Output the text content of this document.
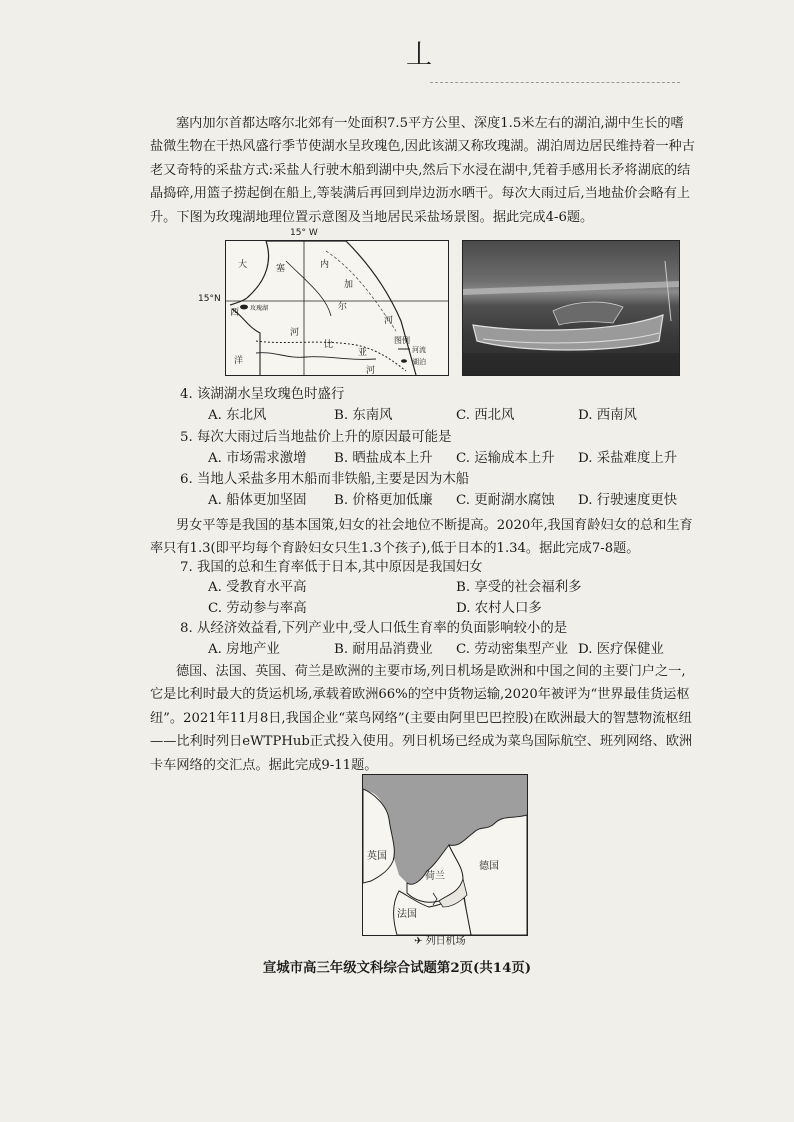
丄
塞内加尔首都达喀尔北郊有一处面积7.5平方公里、深度1.5米左右的湖泊,湖中生长的嗜盐微生物在干热风盛行季节使湖水呈玫瑰色,因此该湖又称玫瑰湖。湖泊周边居民维持着一种古老又奇特的采盐方式:采盐人行驶木船到湖中央,然后下水浸在湖中,凭着手感用长矛将湖底的结晶捣碎,用篮子捞起倒在船上,等装满后再回到岸边沥水晒干。每次大雨过后,当地盐价会略有上升。下图为玫瑰湖地理位置示意图及当地居民采盐场景图。据此完成4-6题。
大
西
洋
塞	内
加
尔
河
河
比
亚
河
玫瑰湖
图例
河流
湖泊
15° W
15°N
4. 该湖湖水呈玫瑰色时盛行
A. 东北风	B. 东南风	C. 西北风	D. 西南风
5. 每次大雨过后当地盐价上升的原因最可能是
A. 市场需求激增 B. 晒盐成本上升 C. 运输成本上升 D. 采盐难度上升
6. 当地人采盐多用木船而非铁船,主要是因为木船
A. 船体更加坚固 B. 价格更加低廉 C. 更耐湖水腐蚀 D. 行驶速度更快
男女平等是我国的基本国策,妇女的社会地位不断提高。2020年,我国育龄妇女的总和生育率只有1.3(即平均每个育龄妇女只生1.3个孩子),低于日本的1.34。据此完成7-8题。
7. 我国的总和生育率低于日本,其中原因是我国妇女
A. 受教育水平高	B. 享受的社会福利多
C. 劳动参与率高	D. 农村人口多
8. 从经济效益看,下列产业中,受人口低生育率的负面影响较小的是
A. 房地产业	B. 耐用品消费业 C. 劳动密集型产业 D. 医疗保健业
德国、法国、英国、荷兰是欧洲的主要市场,列日机场是欧洲和中国之间的主要门户之一,它是比利时最大的货运机场,承载着欧洲66%的空中货物运输,2020年被评为“世界最佳货运枢纽”。2021年11月8日,我国企业“菜鸟网络”(主要由阿里巴巴控股)在欧洲最大的智慧物流枢纽——比利时列日eWTPHub正式投入使用。列日机场已经成为菜鸟国际航空、班列网络、欧洲卡车网络的交汇点。据此完成9-11题。
英国
荷兰
德国
法国
✈ 列日机场
宣城市高三年级文科综合试题第2页(共14页)
